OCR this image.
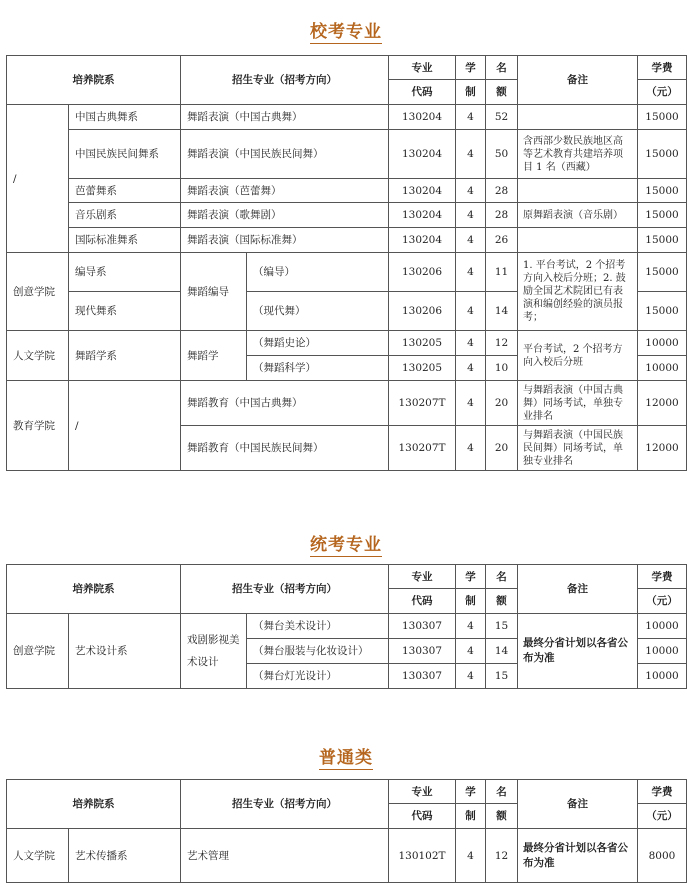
校考专业
培养院系		招生专业（招考方向）		专业	学	名	备注	学费
				代码	制	额		（元）
/	中国古典舞系	舞蹈表演（中国古典舞）		130204	4	52		15000
	中国民族民间舞系	舞蹈表演（中国民族民间舞）		130204	4	50	含西部少数民族地区高等艺术教育共建培养项目 1 名（西藏）	15000
	芭蕾舞系	舞蹈表演（芭蕾舞）		130204	4	28		15000
	音乐剧系	舞蹈表演（歌舞剧）		130204	4	28	原舞蹈表演（音乐剧）	15000
	国际标准舞系	舞蹈表演（国际标准舞）		130204	4	26		15000
创意学院	编导系	舞蹈编导	（编导）	130206	4	11	1. 平台考试，2 个招考方向入校后分班；2. 鼓励全国艺术院团已有表演和编创经验的演员报考；	15000
	现代舞系		（现代舞）	130206	4	14		15000
人文学院	舞蹈学系	舞蹈学	（舞蹈史论）	130205	4	12	平台考试，2 个招考方向入校后分班	10000
			（舞蹈科学）	130205	4	10		10000
教育学院	/	舞蹈教育（中国古典舞）		130207T	4	20	与舞蹈表演（中国古典舞）同场考试，单独专业排名	12000
		舞蹈教育（中国民族民间舞）		130207T	4	20	与舞蹈表演（中国民族民间舞）同场考试，单独专业排名	12000
统考专业
培养院系		招生专业（招考方向）		专业	学	名	备注	学费
				代码	制	额		（元）
创意学院	艺术设计系	戏剧影视美术设计	（舞台美术设计）	130307	4	15	最终分省计划以各省公布为准	10000
			（舞台服装与化妆设计）	130307	4	14		10000
			（舞台灯光设计）	130307	4	15		10000
普通类
培养院系		招生专业（招考方向）	专业	学	名	备注	学费
			代码	制	额		（元）
人文学院	艺术传播系	艺术管理	130102T	4	12	最终分省计划以各省公布为准	8000
